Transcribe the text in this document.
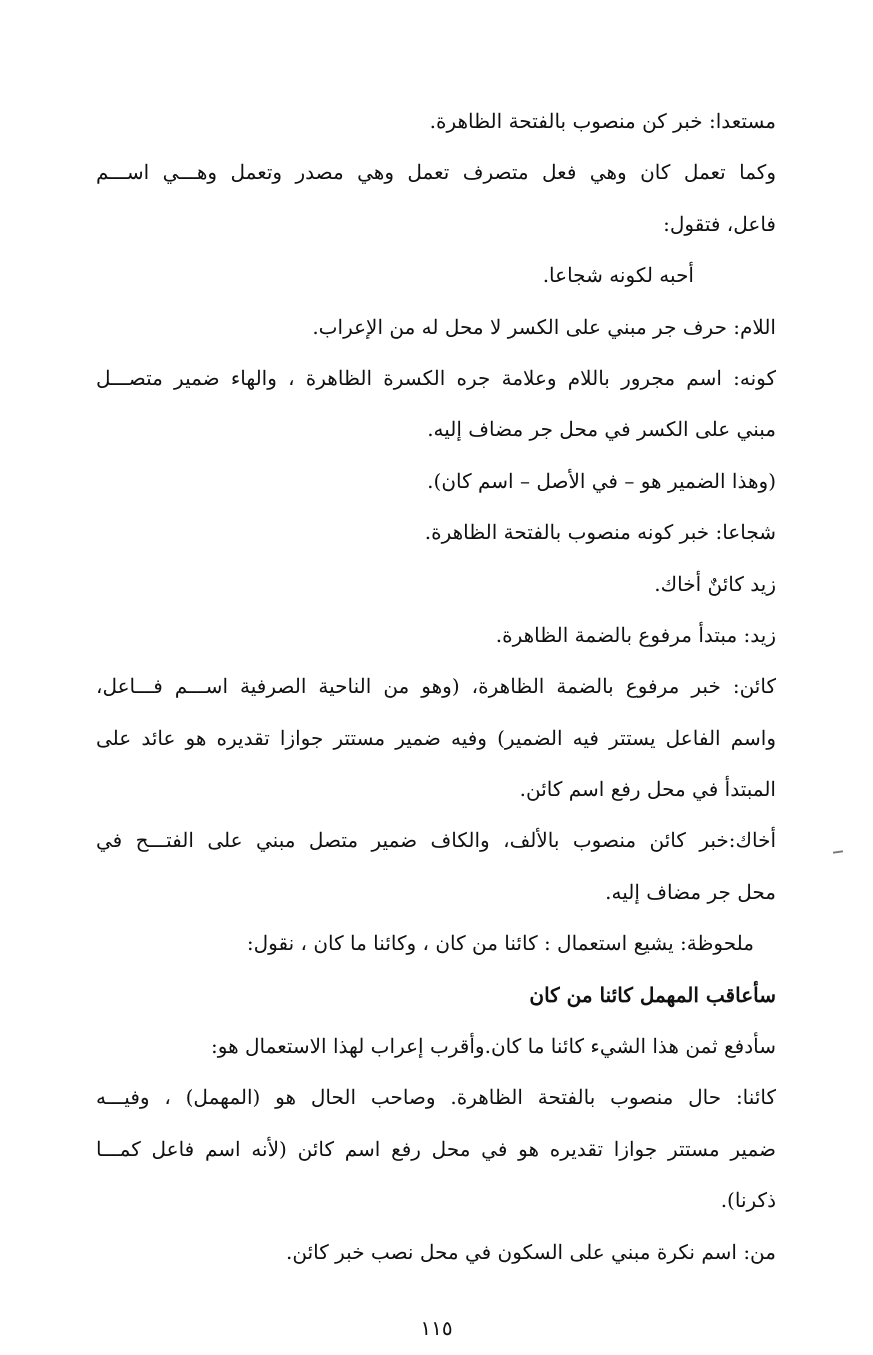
مستعدا: خبر كن منصوب بالفتحة الظاهرة.
وكما تعمل كان وهي فعل متصرف تعمل وهي مصدر وتعمل وهـــي اســـم
فاعل، فتقول:
أحبه لكونه شجاعا.
اللام: حرف جر مبني على الكسر لا محل له من الإعراب.
كونه: اسم مجرور باللام وعلامة جره الكسرة الظاهرة ، والهاء ضمير متصـــل
مبني على الكسر في محل جر مضاف إليه.
(وهذا الضمير هو – في الأصل – اسم كان).
شجاعا: خبر كونه منصوب بالفتحة الظاهرة.
زيد كائنٌ أخاك.
زيد: مبتدأ مرفوع بالضمة الظاهرة.
كائن: خبر مرفوع بالضمة الظاهرة، (وهو من الناحية الصرفية اســـم فـــاعل،
واسم الفاعل يستتر فيه الضمير) وفيه ضمير مستتر جوازا تقديره هو عائد على
المبتدأ في محل رفع اسم كائن.
أخاك:خبر كائن منصوب بالألف، والكاف ضمير متصل مبني على الفتـــح في
محل جر مضاف إليه.
ملحوظة: يشيع استعمال : كائنا من كان ، وكائنا ما كان ، نقول:
سأعاقب المهمل كائنا من كان
سأدفع ثمن هذا الشيء كائنا ما كان.وأقرب إعراب لهذا الاستعمال هو:
كائنا: حال منصوب بالفتحة الظاهرة. وصاحب الحال هو (المهمل) ، وفيـــه
ضمير مستتر جوازا تقديره هو في محل رفع اسم كائن (لأنه اسم فاعل كمـــا
ذكرنا).
من: اسم نكرة مبني على السكون في محل نصب خبر كائن.
١١٥
